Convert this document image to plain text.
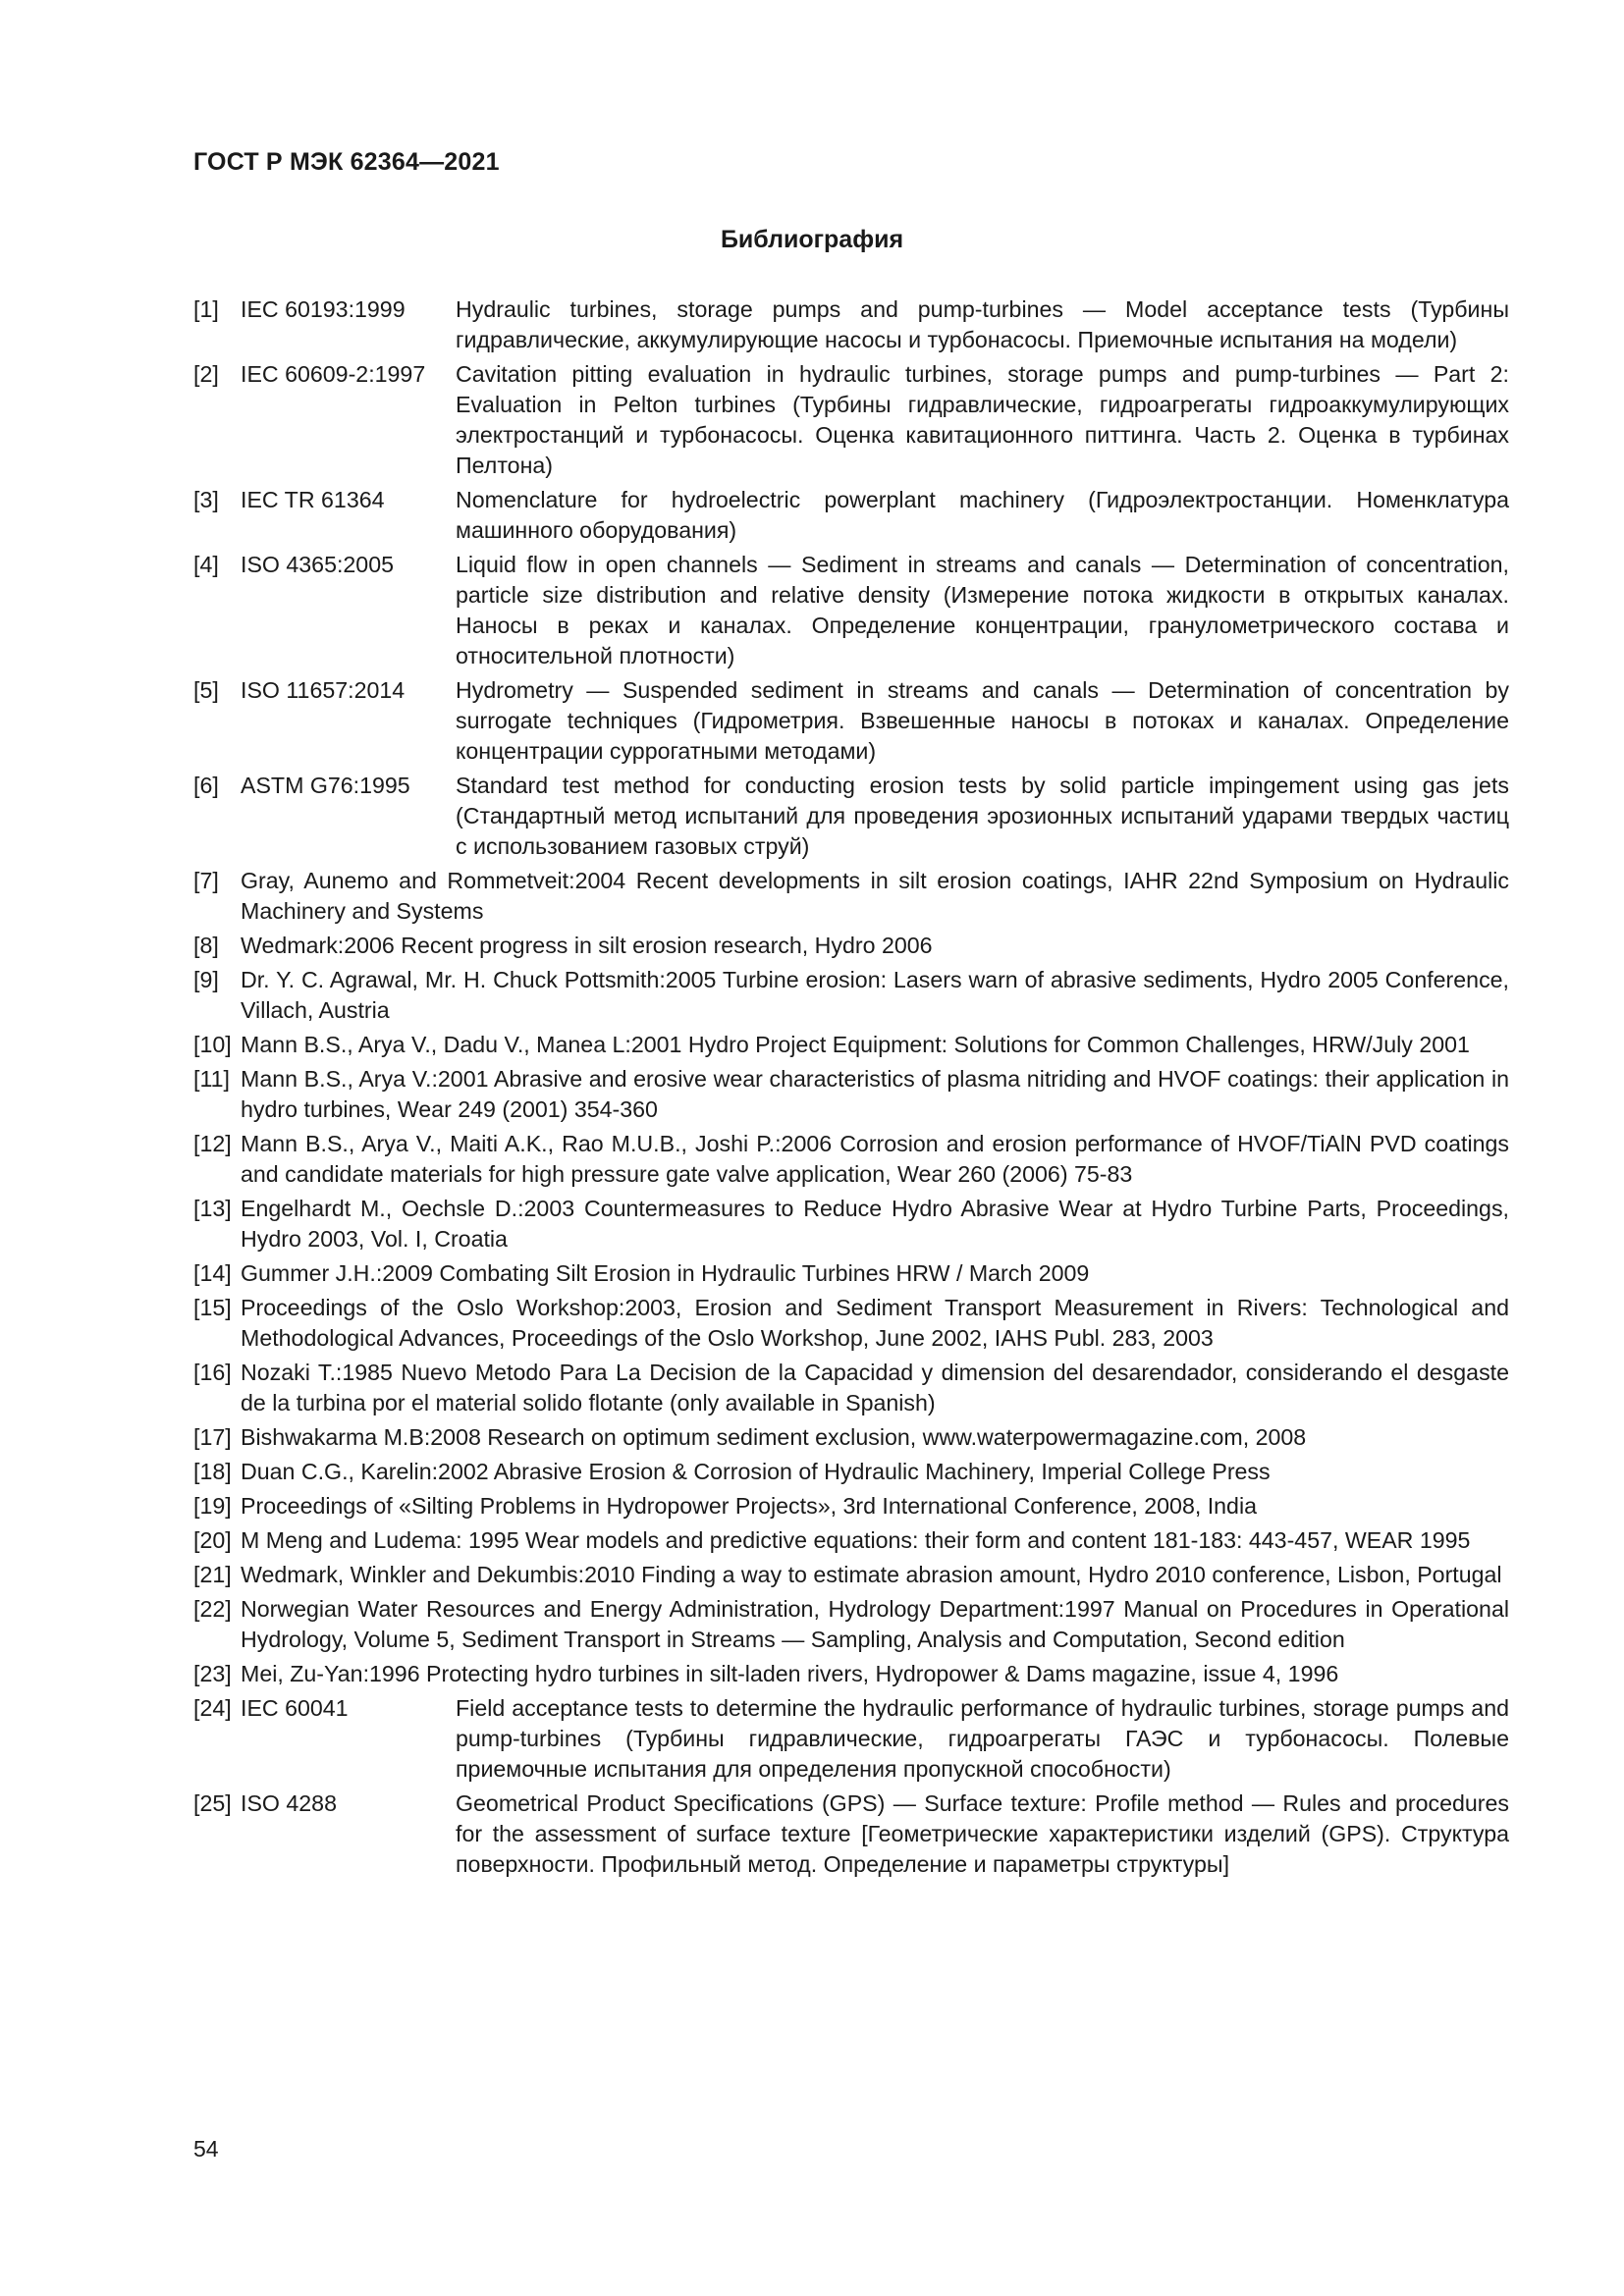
ГОСТ Р МЭК 62364—2021
Библиография
[1] IEC 60193:1999	Hydraulic turbines, storage pumps and pump-turbines — Model acceptance tests (Турбины гидравлические, аккумулирующие насосы и турбонасосы. Приемочные испытания на модели)
[2] IEC 60609-2:1997	Cavitation pitting evaluation in hydraulic turbines, storage pumps and pump-turbines — Part 2: Evaluation in Pelton turbines (Турбины гидравлические, гидроагрегаты гидроаккумулирующих электростанций и турбонасосы. Оценка кавитационного питтинга. Часть 2. Оценка в турбинах Пелтона)
[3] IEC TR 61364	Nomenclature for hydroelectric powerplant machinery (Гидроэлектростанции. Номенклатура машинного оборудования)
[4] ISO 4365:2005	Liquid flow in open channels — Sediment in streams and canals — Determination of concentration, particle size distribution and relative density (Измерение потока жидкости в открытых каналах. Наносы в реках и каналах. Определение концентрации, гранулометрического состава и относительной плотности)
[5] ISO 11657:2014	Hydrometry — Suspended sediment in streams and canals — Determination of concentration by surrogate techniques (Гидрометрия. Взвешенные наносы в потоках и каналах. Определение концентрации суррогатными методами)
[6] ASTM G76:1995	Standard test method for conducting erosion tests by solid particle impingement using gas jets (Стандартный метод испытаний для проведения эрозионных испытаний ударами твердых частиц с использованием газовых струй)
[7] Gray, Aunemo and Rommetveit:2004 Recent developments in silt erosion coatings, IAHR 22nd Symposium on Hydraulic Machinery and Systems
[8] Wedmark:2006 Recent progress in silt erosion research, Hydro 2006
[9] Dr. Y. C. Agrawal, Mr. H. Chuck Pottsmith:2005 Turbine erosion: Lasers warn of abrasive sediments, Hydro 2005 Conference, Villach, Austria
[10] Mann B.S., Arya V., Dadu V., Manea L:2001 Hydro Project Equipment: Solutions for Common Challenges, HRW/July 2001
[11] Mann B.S., Arya V.:2001 Abrasive and erosive wear characteristics of plasma nitriding and HVOF coatings: their application in hydro turbines, Wear 249 (2001) 354-360
[12] Mann B.S., Arya V., Maiti A.K., Rao M.U.B., Joshi P.:2006 Corrosion and erosion performance of HVOF/TiAlN PVD coatings and candidate materials for high pressure gate valve application, Wear 260 (2006) 75-83
[13] Engelhardt M., Oechsle D.:2003 Countermeasures to Reduce Hydro Abrasive Wear at Hydro Turbine Parts, Proceedings, Hydro 2003, Vol. I, Croatia
[14] Gummer J.H.:2009 Combating Silt Erosion in Hydraulic Turbines HRW / March 2009
[15] Proceedings of the Oslo Workshop:2003, Erosion and Sediment Transport Measurement in Rivers: Technological and Methodological Advances, Proceedings of the Oslo Workshop, June 2002, IAHS Publ. 283, 2003
[16] Nozaki T.:1985 Nuevo Metodo Para La Decision de la Capacidad y dimension del desarendador, considerando el desgaste de la turbina por el material solido flotante (only available in Spanish)
[17] Bishwakarma M.B:2008 Research on optimum sediment exclusion, www.waterpowermagazine.com, 2008
[18] Duan C.G., Karelin:2002 Abrasive Erosion & Corrosion of Hydraulic Machinery, Imperial College Press
[19] Proceedings of «Silting Problems in Hydropower Projects», 3rd International Conference, 2008, India
[20] M Meng and Ludema: 1995 Wear models and predictive equations: their form and content 181-183: 443-457, WEAR 1995
[21] Wedmark, Winkler and Dekumbis:2010 Finding a way to estimate abrasion amount, Hydro 2010 conference, Lisbon, Portugal
[22] Norwegian Water Resources and Energy Administration, Hydrology Department:1997 Manual on Procedures in Operational Hydrology, Volume 5, Sediment Transport in Streams — Sampling, Analysis and Computation, Second edition
[23] Mei, Zu-Yan:1996 Protecting hydro turbines in silt-laden rivers, Hydropower & Dams magazine, issue 4, 1996
[24] IEC 60041	Field acceptance tests to determine the hydraulic performance of hydraulic turbines, storage pumps and pump-turbines (Турбины гидравлические, гидроагрегаты ГАЭС и турбонасосы. Полевые приемочные испытания для определения пропускной способности)
[25] ISO 4288	Geometrical Product Specifications (GPS) — Surface texture: Profile method — Rules and procedures for the assessment of surface texture [Геометрические характеристики изделий (GPS). Структура поверхности. Профильный метод. Определение и параметры структуры]
54
